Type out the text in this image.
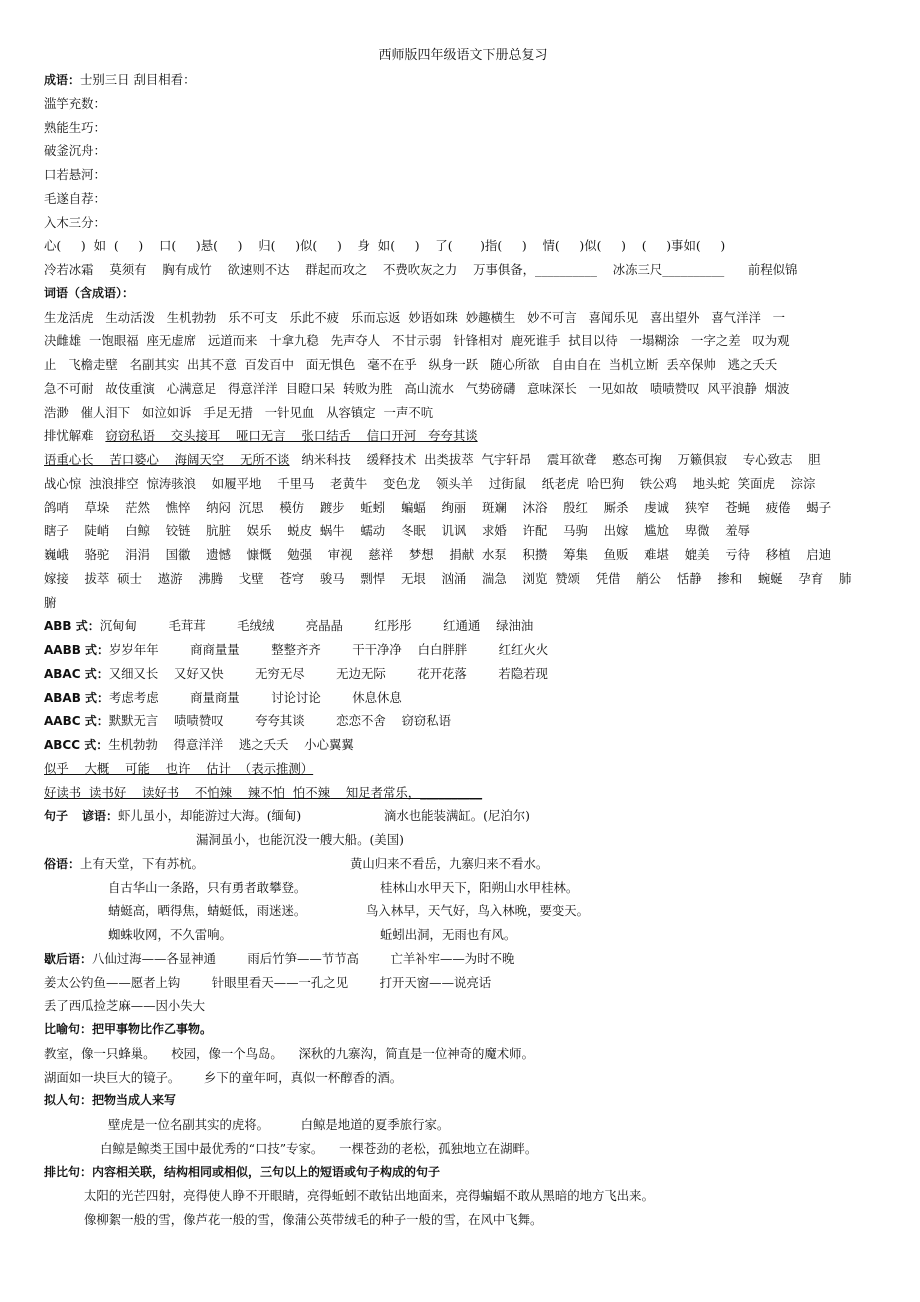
西师版四年级语文下册总复习
成语：士别三日 刮目相看：
滥竽充数：
熟能生巧：
破釜沉舟：
口若悬河：
毛遂自荐：
入木三分：
心(     )  如  (     )    口(     )悬(     )    归(     )似(     )    身  如(     )    了(       )指(     )    情(     )似(     )    (     )事如(     )
冷若冰霜    莫须有    胸有成竹    欲速则不达    群起而攻之    不费吹灰之力    万事俱备，__________    冰冻三尺__________      前程似锦
词语（含成语）：
生龙活虎   生动活泼   生机勃勃   乐不可支   乐此不疲   乐而忘返  妙语如珠  妙趣横生   妙不可言   喜闻乐见   喜出望外   喜气洋洋   一
决雌雄  一饱眼福  座无虚席   远道而来   十拿九稳   先声夺人   不甘示弱   针锋相对  鹿死谁手  拭目以待   一塌糊涂   一字之差   叹为观
止   飞檐走壁   名副其实  出其不意  百发百中   面无惧色   毫不在乎   纵身一跃   随心所欲   自由自在  当机立断  丢卒保帅   逃之夭夭
急不可耐   故伎重演   心满意足   得意洋洋  目瞪口呆  转败为胜   高山流水   气势磅礴   意味深长   一见如故   啧啧赞叹  风平浪静  烟波
浩渺   催人泪下   如泣如诉   手足无措   一针见血   从容镇定  一声不吭
排忧解难   窃窃私语    交头接耳    哑口无言    张口结舌    信口开河   夸夸其谈
语重心长    苦口婆心    海阔天空    无所不谈   纳米科技    缓释技术  出类拔萃  气宇轩昂    震耳欲聋    憨态可掬    万籁俱寂    专心致志    胆
战心惊  浊浪排空  惊涛骇浪    如履平地    千里马    老黄牛    变色龙    领头羊    过街鼠    纸老虎  哈巴狗    铁公鸡    地头蛇  笑面虎    淙淙
鸽哨    草垛    茫然    憔悴    纳闷  沉思    模仿    踱步    蚯蚓    蝙蝠    绚丽    斑斓    沐浴    殷红    厮杀    虔诚    狭窄    苍蝇    疲倦    蝎子
瞎子    陡峭    白鲸    铰链    肮脏    娱乐    蜕皮  蜗牛    蠕动    冬眠    讥讽    求婚    许配    马驹    出嫁    尴尬    卑微    羞辱
巍峨    骆驼    涓涓    国徽    遗憾    慷慨    勉强    审视    慈祥    梦想    捐献  水泵    积攒    筹集    鱼贩    难堪    媲美    亏待    移植    启迪
嫁接    拔萃  硕士    遨游    沸腾    戈壁    苍穹    骏马    剽悍    无垠    汹涌    湍急    浏览  赞颂    凭借    艄公    恬静    掺和    蜿蜒    孕育    肺
腑
ABB 式：沉甸甸        毛茸茸        毛绒绒        亮晶晶        红彤彤        红通通    绿油油
AABB 式：岁岁年年        商商量量        整整齐齐        干干净净    白白胖胖        红红火火
ABAC 式：又细又长    又好又快        无穷无尽        无边无际        花开花落        若隐若现
ABAB 式：考虑考虑        商量商量        讨论讨论        休息休息
AABC 式：默默无言    啧啧赞叹        夸夸其谈        恋恋不舍    窃窃私语
ABCC 式：生机勃勃    得意洋洋    逃之夭夭    小心翼翼
似乎    大概    可能    也许    估计  （表示推测）
好读书  读书好    读好书    不怕辣    辣不怕  怕不辣    知足者常乐，__________
句子 谚语：虾儿虽小，却能游过大海。(缅甸)	滴水也能装满缸。(尼泊尔)
漏洞虽小，也能沉没一艘大船。(美国)
俗语：上有天堂，下有苏杭。	黄山归来不看岳，九寨归来不看水。
自古华山一条路，只有勇者敢攀登。	桂林山水甲天下，阳朔山水甲桂林。
蜻蜓高，晒得焦，蜻蜓低，雨迷迷。	鸟入林早，天气好，鸟入林晚，要变天。
蜘蛛收网，不久雷响。	蚯蚓出洞，无雨也有风。
歇后语：八仙过海——各显神通        雨后竹笋——节节高        亡羊补牢——为时不晚
姜太公钓鱼——愿者上钩        针眼里看天——一孔之见        打开天窗——说亮话
丢了西瓜捡芝麻——因小失大
比喻句：把甲事物比作乙事物。
教室，像一只蜂巢。    校园，像一个鸟岛。    深秋的九寨沟，简直是一位神奇的魔术师。
湖面如一块巨大的镜子。      乡下的童年呵，真似一杯醇香的酒。
拟人句：把物当成人来写
壁虎是一位名副其实的虎将。        白鲸是地道的夏季旅行家。
白鲸是鲸类王国中最优秀的“口技”专家。    一棵苍劲的老松，孤独地立在湖畔。
排比句：内容相关联，结构相同或相似，三句以上的短语或句子构成的句子
太阳的光芒四射，亮得使人睁不开眼睛，亮得蚯蚓不敢钻出地面来，亮得蝙蝠不敢从黑暗的地方飞出来。
像柳絮一般的雪，像芦花一般的雪，像蒲公英带绒毛的种子一般的雪，在风中飞舞。
